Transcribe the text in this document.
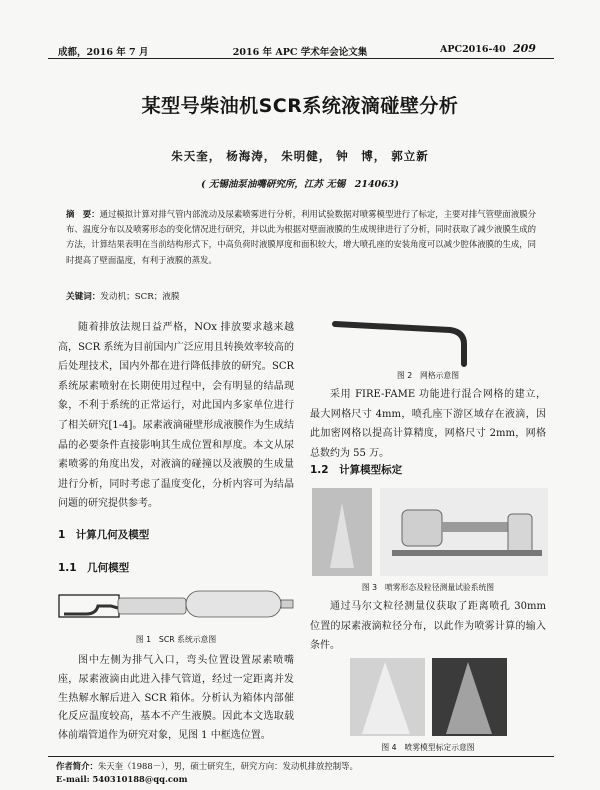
成都，2016 年 7 月	2016 年 APC 学术年会论文集	APC2016-40 209
某型号柴油机SCR系统液滴碰壁分析
朱天奎， 杨海涛， 朱明健， 钟　博， 郭立新
( 无锡油泵油嘴研究所，江苏 无锡　214063)
摘　要：通过模拟计算对排气管内部流动及尿素喷雾进行分析，利用试验数据对喷雾模型进行了标定，主要对排气管壁面液膜分布、温度分布以及喷雾形态的变化情况进行研究，并以此为根据对壁面液膜的生成规律进行了分析，同时获取了减少液膜生成的方法，计算结果表明在当前结构形式下，中高负荷时液膜厚度和面积较大，增大喷孔座的安装角度可以减少腔体液膜的生成，同时提高了壁面温度，有利于液膜的蒸发。
关键词：发动机；SCR；液膜
随着排放法规日益严格，NOx 排放要求越来越高，SCR 系统为目前国内广泛应用且转换效率较高的后处理技术，国内外都在进行降低排放的研究。SCR 系统尿素喷射在长期使用过程中，会有明显的结晶现象，不利于系统的正常运行，对此国内多家单位进行了相关研究[1-4]。尿素液滴碰壁形成液膜作为生成结晶的必要条件直接影响其生成位置和厚度。本文从尿素喷雾的角度出发，对液滴的碰撞以及液膜的生成量进行分析，同时考虑了温度变化，分析内容可为结晶问题的研究提供参考。
1　计算几何及模型
1.1　几何模型
图 1　SCR 系统示意图
图中左侧为排气入口，弯头位置设置尿素喷嘴座，尿素液滴由此进入排气管道，经过一定距离并发生热解水解后进入 SCR 箱体。分析认为箱体内部催化反应温度较高，基本不产生液膜。因此本文选取载体前端管道作为研究对象，见图 1 中框选位置。
图 2　网格示意图
采用 FIRE-FAME 功能进行混合网格的建立，最大网格尺寸 4mm，喷孔座下游区域存在液滴，因此加密网格以提高计算精度，网格尺寸 2mm，网格总数约为 55 万。
1.2　计算模型标定
图 3　喷雾形态及粒径测量试验系统图
通过马尔文粒径测量仪获取了距离喷孔 30mm 位置的尿素液滴粒径分布，以此作为喷雾计算的输入条件。
图 4　喷雾模型标定示意图
作者简介：朱天奎（1988－），男，硕士研究生，研究方向：发动机排放控制等。
E-mail: 540310188@qq.com
